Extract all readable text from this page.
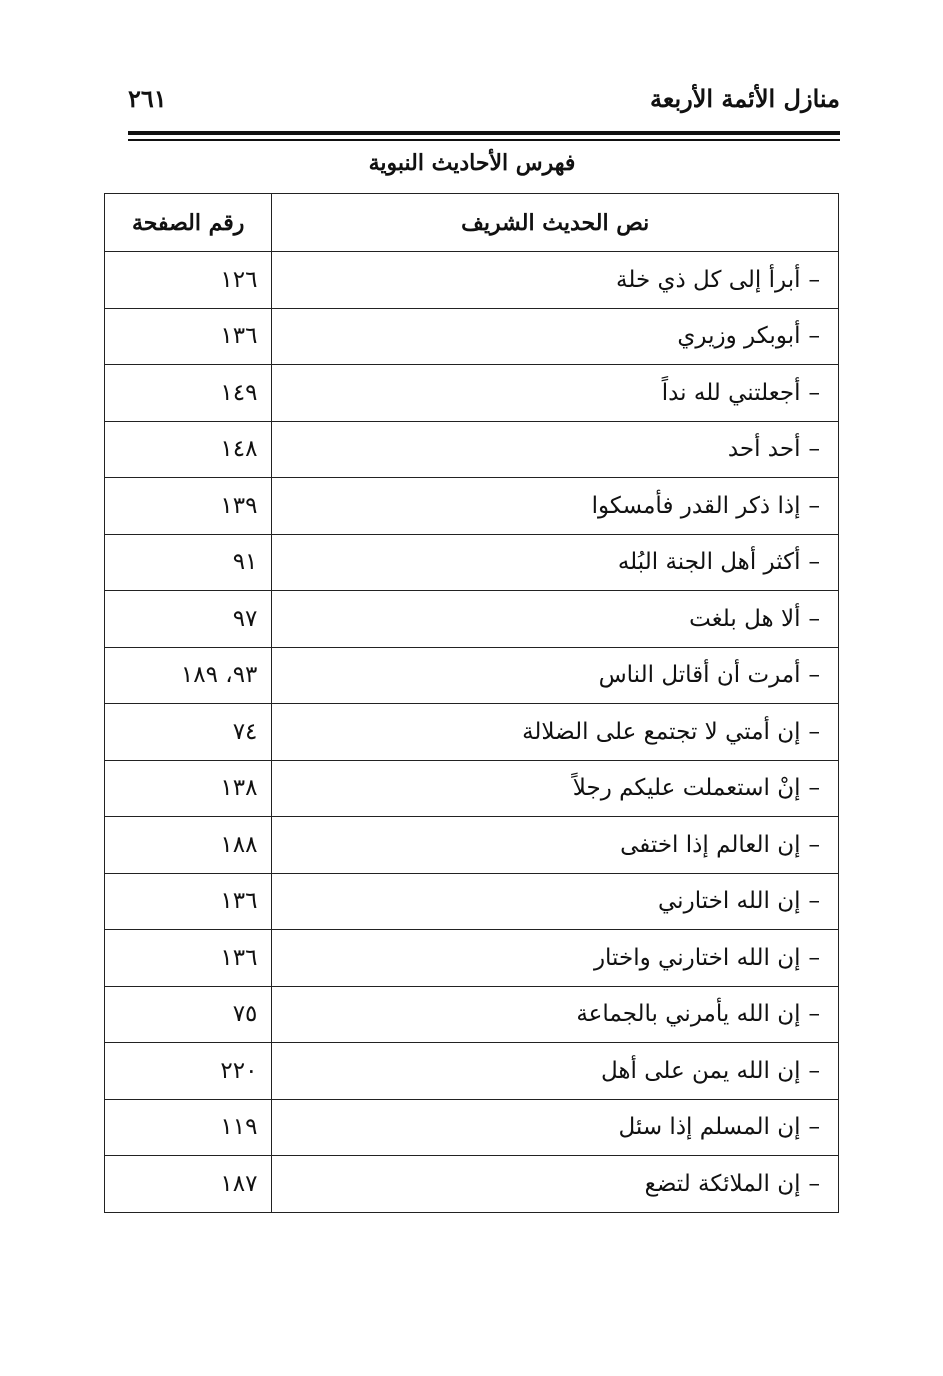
منازل الأئمة الأربعة
٢٦١
فهرس الأحاديث النبوية
نص الحديث الشريف	رقم الصفحة
–أبرأ إلى كل ذي خلة	١٢٦
–أبوبكر وزيري	١٣٦
–أجعلتني لله نداً	١٤٩
–أحد أحد	١٤٨
–إذا ذكر القدر فأمسكوا	١٣٩
–أكثر أهل الجنة البُله	٩١
–ألا هل بلغت	٩٧
–أمرت أن أقاتل الناس	٩٣، ١٨٩
–إن أمتي لا تجتمع على الضلالة	٧٤
–إنْ استعملت عليكم رجلاً	١٣٨
–إن العالم إذا اختفى	١٨٨
–إن الله اختارني	١٣٦
–إن الله اختارني واختار	١٣٦
–إن الله يأمرني بالجماعة	٧٥
–إن الله يمن على أهل	٢٢٠
–إن المسلم إذا سئل	١١٩
–إن الملائكة لتضع	١٨٧
